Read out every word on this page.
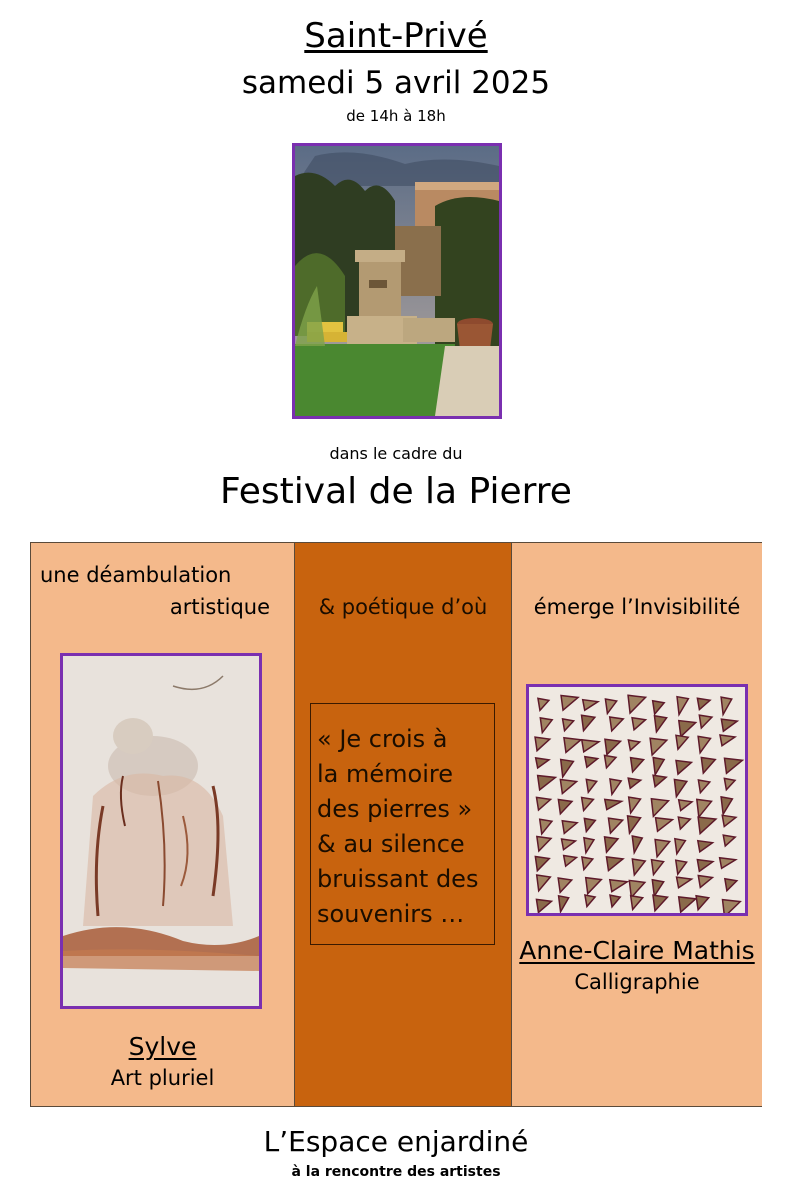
Saint-Privé
samedi 5 avril 2025
de 14h à 18h
dans le cadre du
Festival de la Pierre
une déambulation
artistique
Sylve
Art pluriel
& poétique d’où
« Je crois à
la mémoire
des pierres »
& au silence
bruissant des
souvenirs …
émerge l’Invisibilité
Anne-Claire Mathis
Calligraphie
L’Espace enjardiné
à la rencontre des artistes
